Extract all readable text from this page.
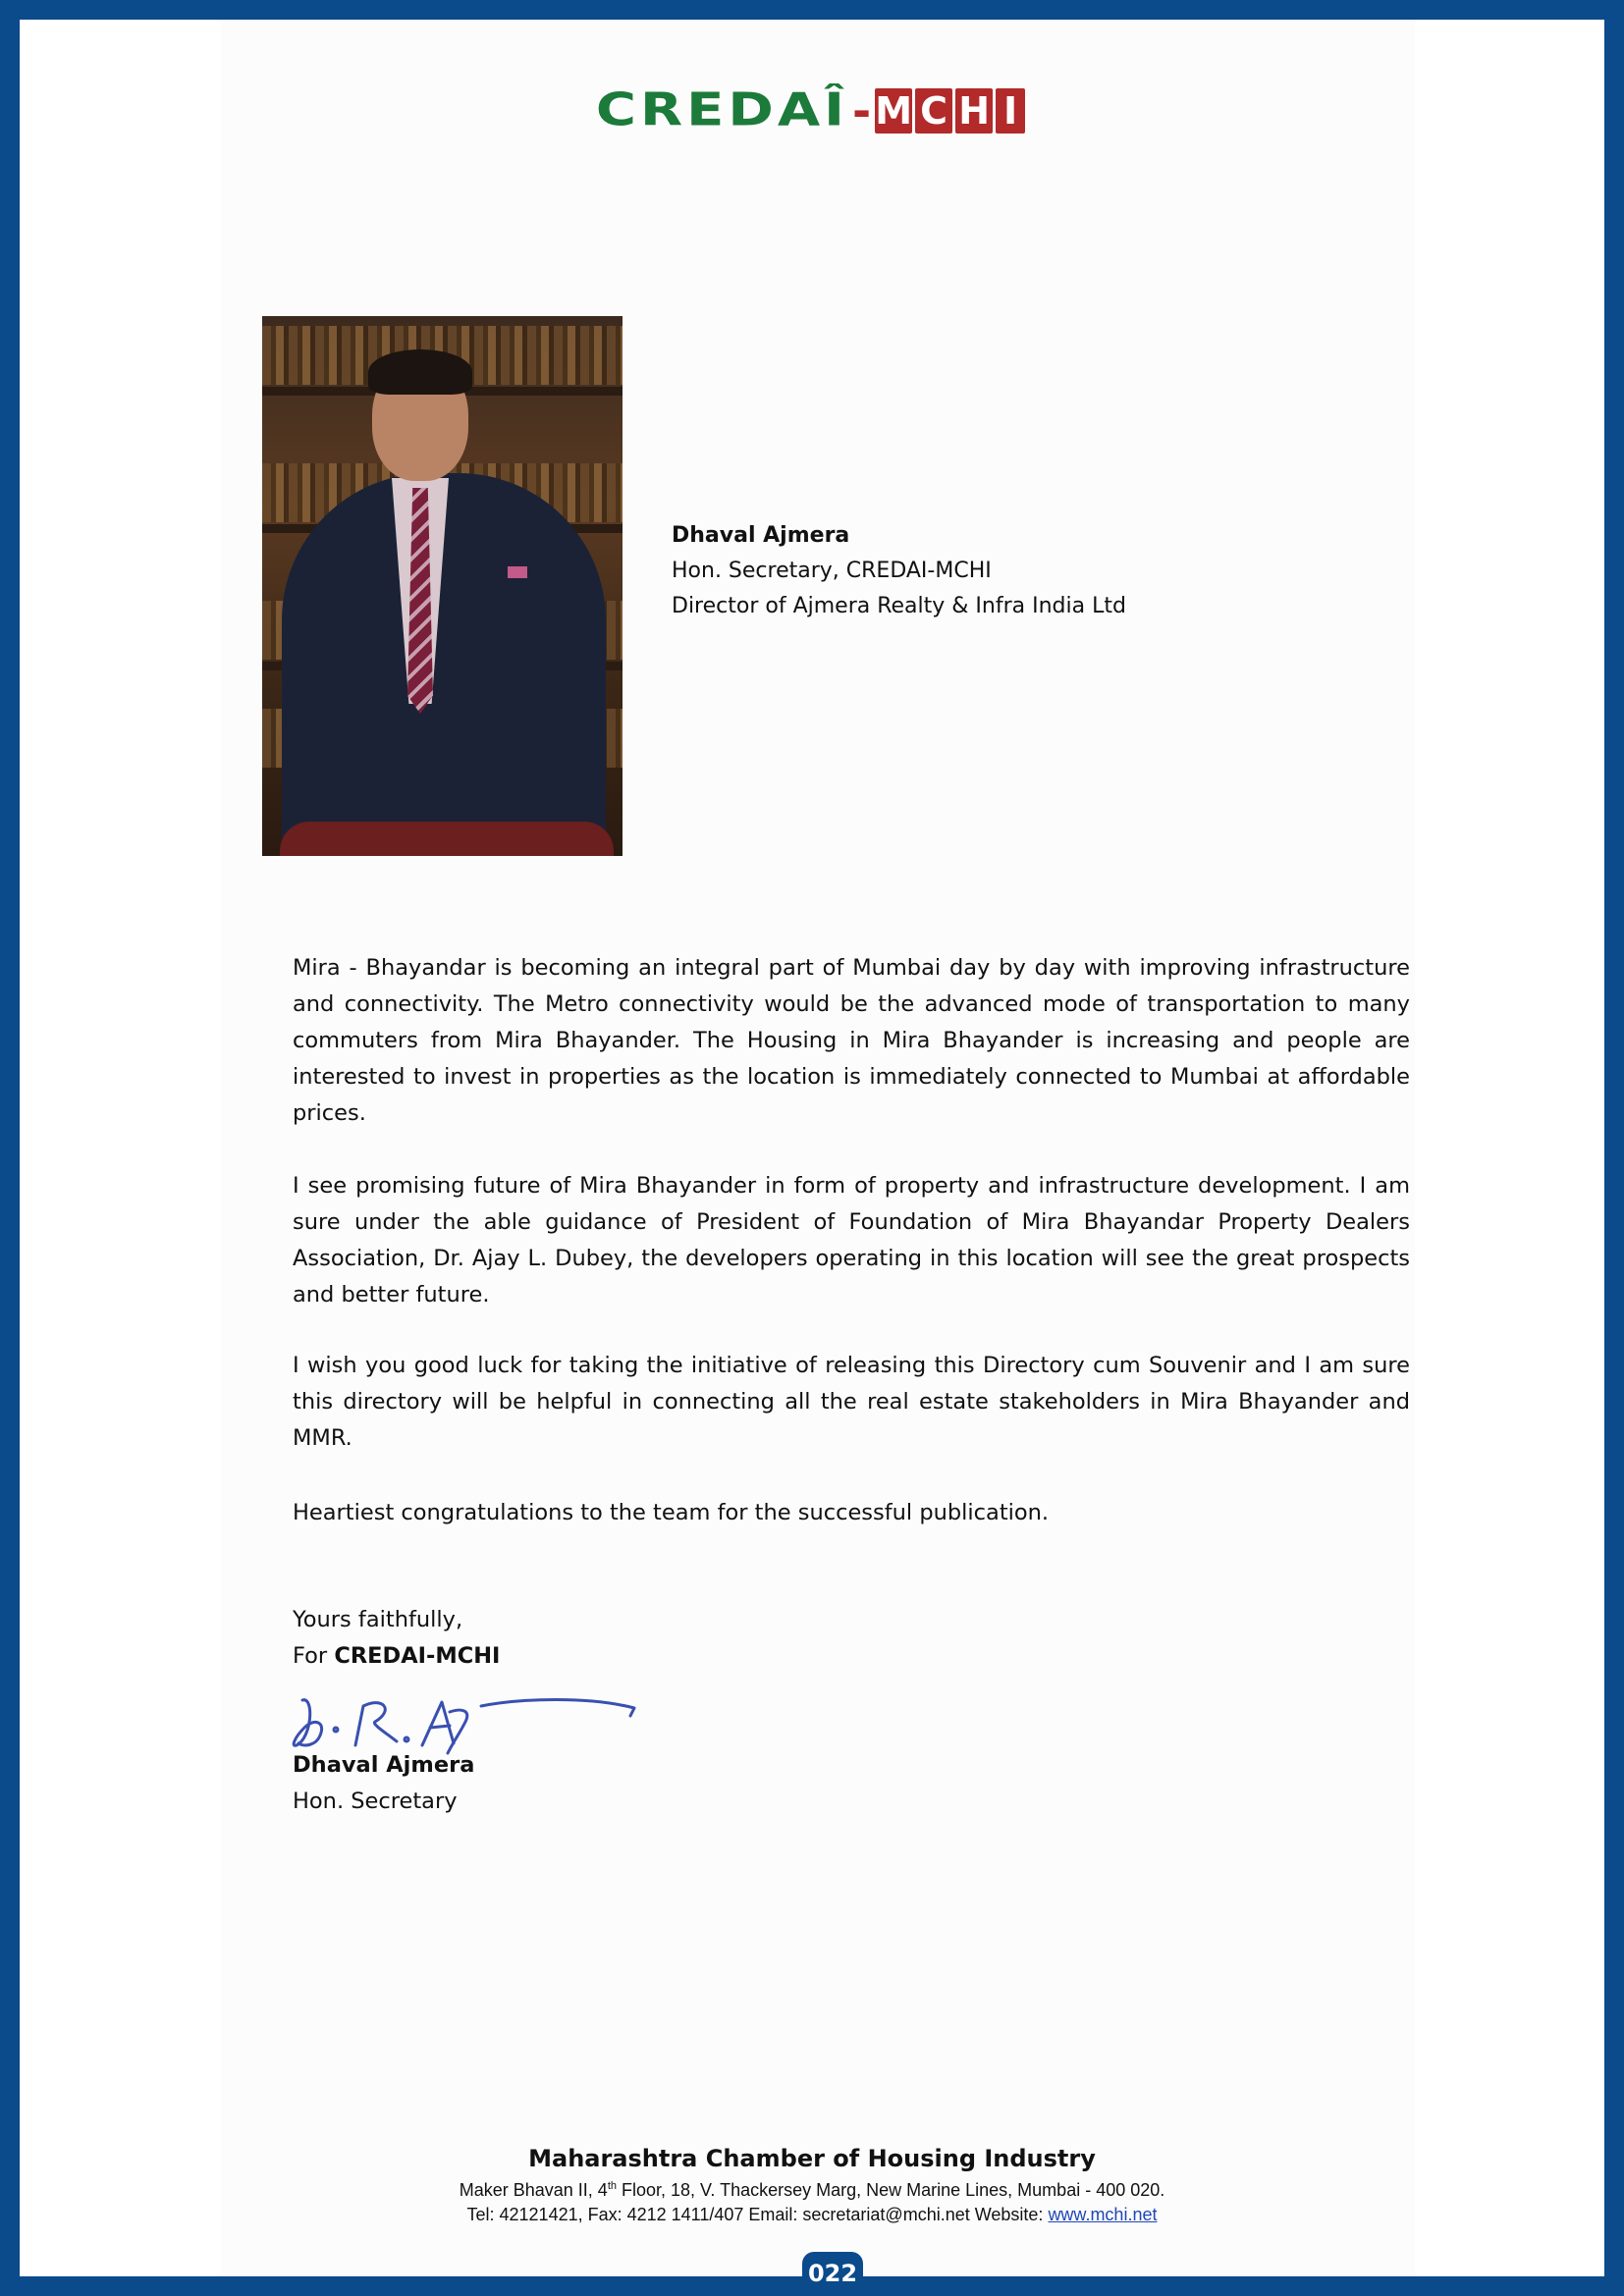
CREDAÎ- M C H I
Dhaval Ajmera
Hon. Secretary, CREDAI-MCHI
Director of Ajmera Realty & Infra India Ltd

Mira - Bhayandar is becoming an integral part of Mumbai day by day with improving infrastructure and connectivity. The Metro connectivity would be the advanced mode of transportation to many commuters from Mira Bhayander. The Housing in Mira Bhayander is increasing and people are interested to invest in properties as the location is immediately connected to Mumbai at affordable prices.

I see promising future of Mira Bhayander in form of property and infrastructure development. I am sure under the able guidance of President of Foundation of Mira Bhayandar Property Dealers Association, Dr. Ajay L. Dubey, the developers operating in this location will see the great prospects and better future.

I wish you good luck for taking the initiative of releasing this Directory cum Souvenir and I am sure this directory will be helpful in connecting all the real estate stakeholders in Mira Bhayander and MMR.

Heartiest congratulations to the team for the successful publication.

Yours faithfully,
For CREDAI-MCHI
Dhaval Ajmera
Hon. Secretary
Maharashtra Chamber of Housing Industry
Maker Bhavan II, 4th Floor, 18, V. Thackersey Marg, New Marine Lines, Mumbai - 400 020.
Tel: 42121421, Fax: 4212 1411/407 Email: secretariat@mchi.net Website: www.mchi.net
022
